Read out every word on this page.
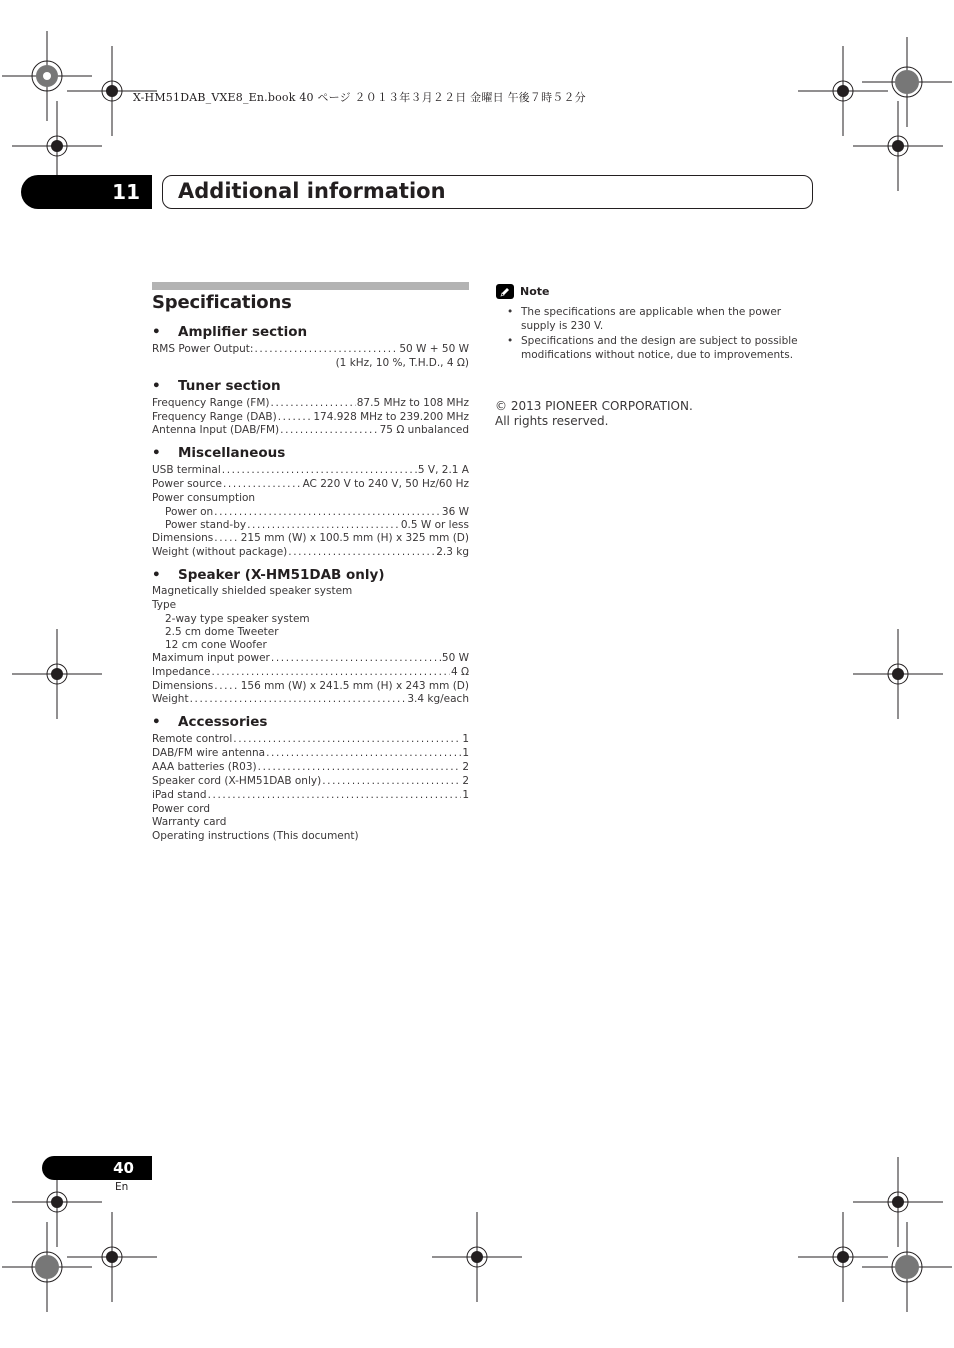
X-HM51DAB_VXE8_En.book 40 ページ ２０１３年３月２２日 金曜日 午後７時５２分
11	Additional information
Specifications
• Amplifier section
RMS Power Output: .....	50 W + 50 W
(1 kHz, 10 %, T.H.D., 4 Ω)
• Tuner section
Frequency Range (FM) .....	87.5 MHz to 108 MHz
Frequency Range (DAB) .....	174.928 MHz to 239.200 MHz
Antenna Input (DAB/FM) .....	75 Ω unbalanced
• Miscellaneous
USB terminal .....	5 V, 2.1 A
Power source .....	AC 220 V to 240 V, 50 Hz/60 Hz
Power consumption
Power on .....	36 W
Power stand-by .....	0.5 W or less
Dimensions .....	215 mm (W) x 100.5 mm (H) x 325 mm (D)
Weight (without package) .....	2.3 kg
• Speaker (X-HM51DAB only)
Magnetically shielded speaker system
Type
2-way type speaker system
2.5 cm dome Tweeter
12 cm cone Woofer
Maximum input power .....	50 W
Impedance .....	4 Ω
Dimensions .....	156 mm (W) x 241.5 mm (H) x 243 mm (D)
Weight .....	3.4 kg/each
• Accessories
Remote control .....	1
DAB/FM wire antenna .....	1
AAA batteries (R03) .....	2
Speaker cord (X-HM51DAB only) .....	2
iPad stand .....	1
Power cord
Warranty card
Operating instructions (This document)
Note
• The specifications are applicable when the power supply is 230 V.
• Specifications and the design are subject to possible modifications without notice, due to improvements.
© 2013 PIONEER CORPORATION.
All rights reserved.
40
En
